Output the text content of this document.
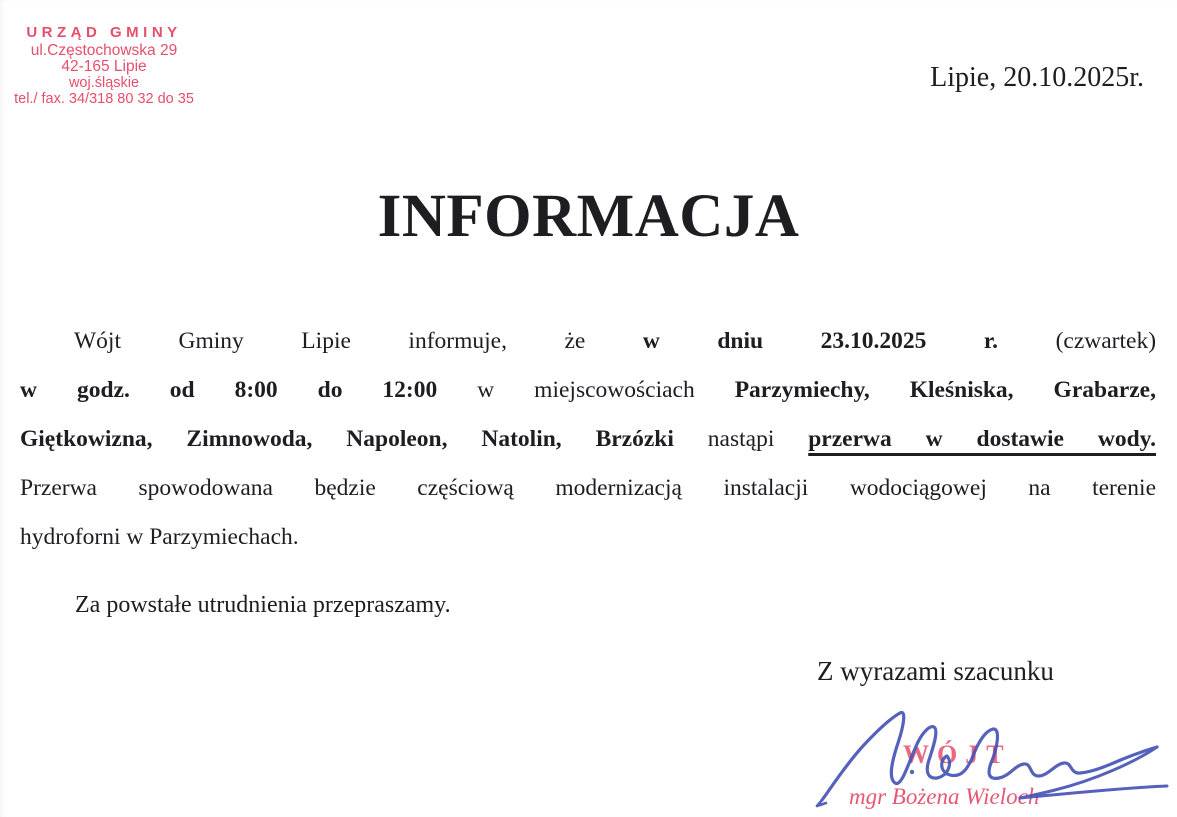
URZĄD GMINY
ul.Częstochowska 29
42-165 Lipie
woj.śląskie
tel./ fax. 34/318 80 32 do 35
Lipie, 20.10.2025r.
INFORMACJA
Wójt Gminy Lipie informuje, że w dniu 23.10.2025 r. (czwartek)
w godz. od 8:00 do 12:00 w miejscowościach Parzymiechy, Kleśniska, Grabarze,
Giętkowizna, Zimnowoda, Napoleon, Natolin, Brzózki nastąpi przerwa w dostawie wody.
Przerwa spowodowana będzie częściową modernizacją instalacji wodociągowej na terenie
hydroforni w Parzymiechach.
Za powstałe utrudnienia przepraszamy.
Z wyrazami szacunku
WÓJT
mgr Bożena Wieloch
